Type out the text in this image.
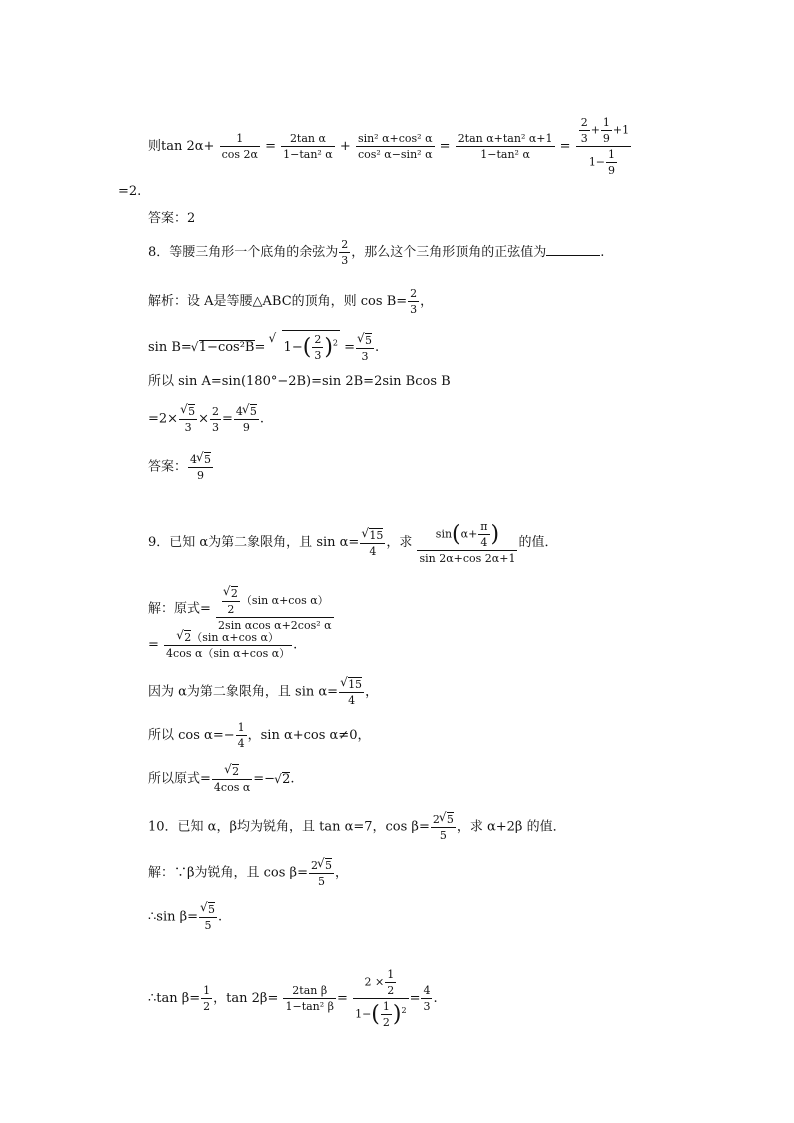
则$\tan 2\alpha+ \frac{1}{\cos 2\alpha} = \frac{\text{2tan α}}{\text{1−tan² α}} + \frac{\text{sin² α+cos² α}}{\text{cos² α−sin² α}} = \frac{\text{2tan α+tan² α+1}}{\text{1−tan² α}} = \frac{\frac{2}{3} + \frac{1}{9} +1}{1- \frac{1}{9}}$
=2.
答案：2
8．等腰三角形一个底角的余弦为 $\frac{2}{3}$ ，那么这个三角形顶角的正弦值为	.
解析：设 A是等腰△ABC的顶角，则 $\cos B= \frac{2}{3}$ ，
sin B= √ 1−cos²B= √ $1-( \frac{2}{3} )^2$ = √ $\frac{5}{3}$ .
所以 sin A=sin(180°−2B)=sin 2B=2sin Bcos B
=2× √ $\frac{5}{3} \times \frac{2}{3} = \frac{4 √ 5}{9}$ .
答案： $\frac{4 √ 5}{9}$
9．已知 α为第二象限角，且 sin α= √ $\frac{15}{4}$ ，求 $\frac{\sin(\alpha+ \frac{\pi}{4} )}{\sin 2\alpha+\cos 2\alpha+1}$ 的值．
解：原式= √ $\frac{\frac{2}{2} (\sin \alpha+\cos \alpha)}{\text{2sin αcos α+2cos² α}}$
= √ $\frac{\text{2（sin α+cos α）}}{\text{4cos α（sin α+cos α）}}$ .
因为 α为第二象限角，且 sin α= √ $\frac{15}{4}$ ，
所以 $\cos \alpha=- \frac{1}{4}$ ，sin α+cos α≠0，
所以原式= √ $\frac{2}{\text{4cos α}}$ =− √ 2.
10．已知 α，β均为锐角，且 tan α=7，$\cos \beta= \frac{2 √ 5}{5}$ ，求 α+2β 的值．
解：∵β为锐角，且 $\cos \beta= \frac{2 √ 5}{5}$ ，
∴sin β= √ $\frac{5}{5}$ .
∴tan $\beta= \frac{1}{2}$ ，$\tan 2\beta= \frac{\text{2tan β}}{\text{1−tan² β}} = \frac{2 \times \frac{1}{2}}{1-( \frac{1}{2} )^2} = \frac{4}{3}$ .
